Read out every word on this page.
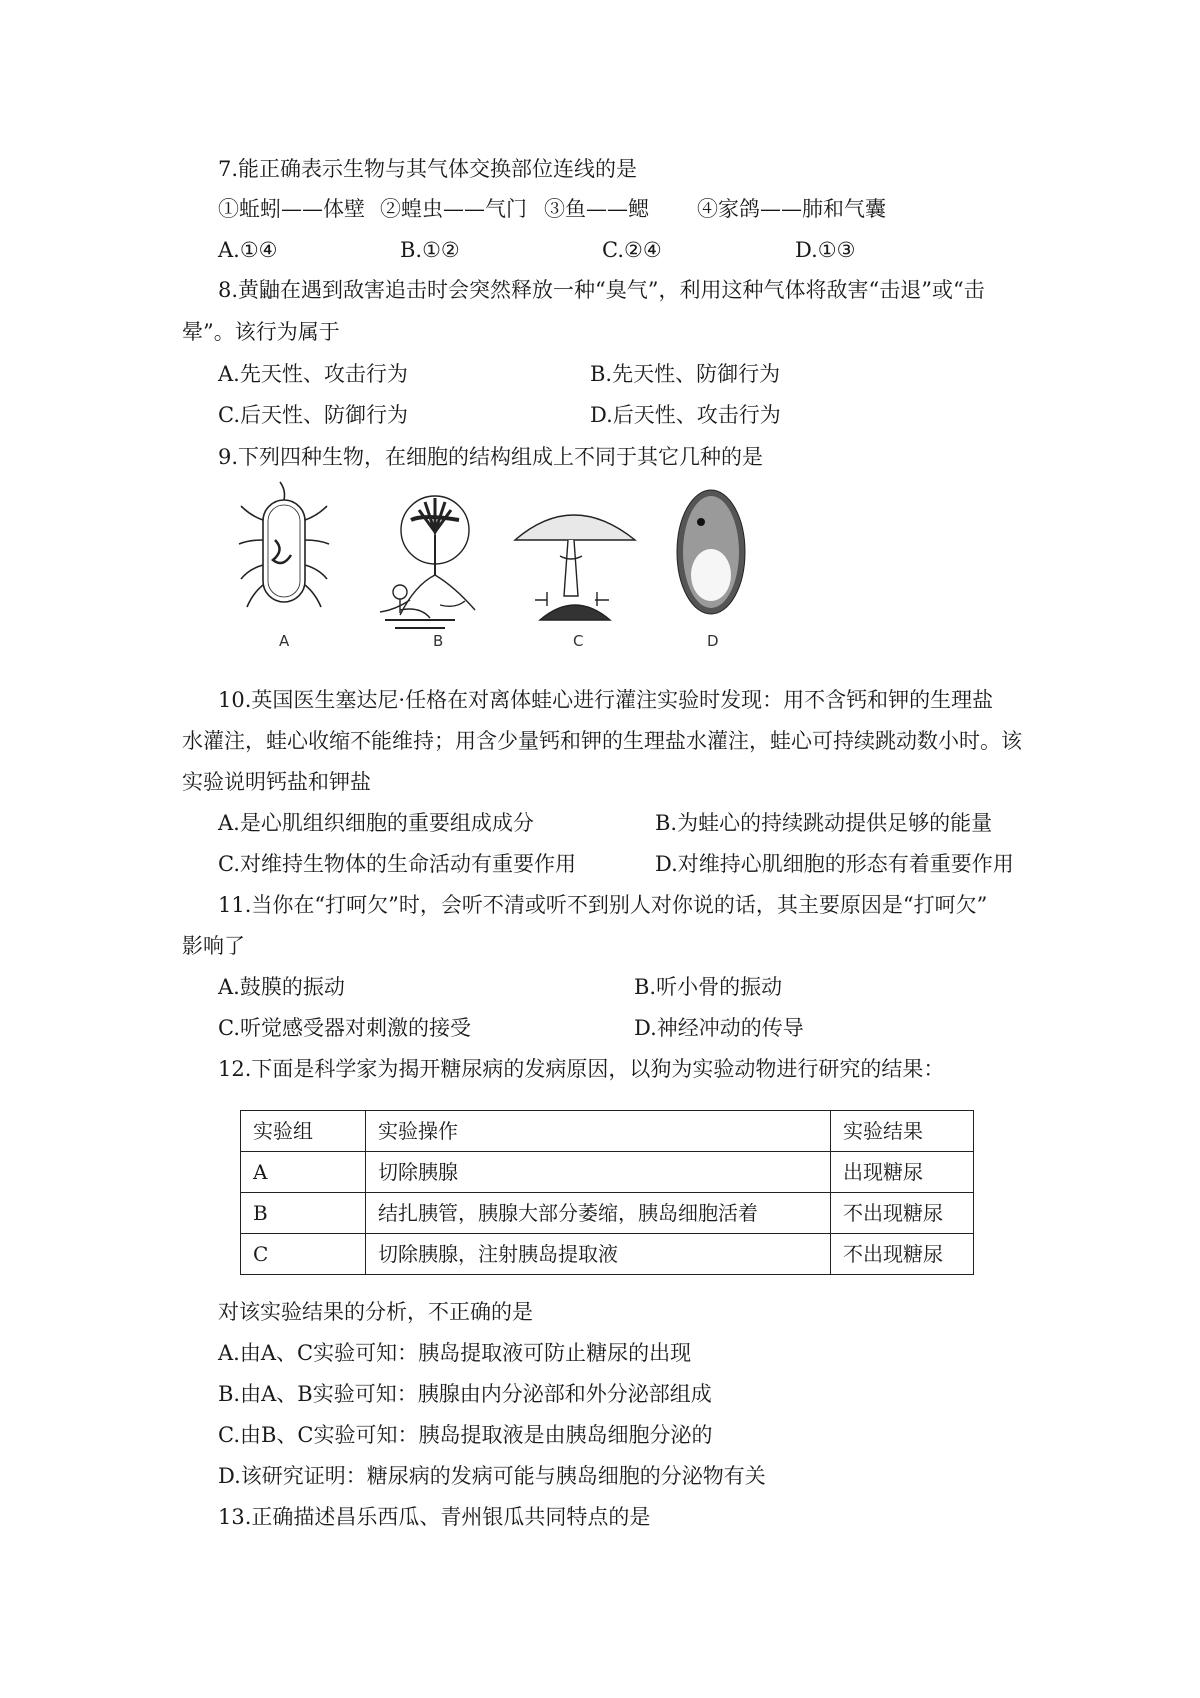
7.能正确表示生物与其气体交换部位连线的是
①蚯蚓——体壁 ②蝗虫——气门 ③鱼——鳃 ④家鸽——肺和气囊
A.①④	B.①②	C.②④	D.①③
8.黄鼬在遇到敌害追击时会突然释放一种“臭气”，利用这种气体将敌害“击退”或“击
晕”。该行为属于
A.先天性、攻击行为	B.先天性、防御行为
C.后天性、防御行为	D.后天性、攻击行为
9.下列四种生物，在细胞的结构组成上不同于其它几种的是
A	B	C	D
10.英国医生塞达尼·任格在对离体蛙心进行灌注实验时发现：用不含钙和钾的生理盐
水灌注，蛙心收缩不能维持；用含少量钙和钾的生理盐水灌注，蛙心可持续跳动数小时。该
实验说明钙盐和钾盐
A.是心肌组织细胞的重要组成成分	B.为蛙心的持续跳动提供足够的能量
C.对维持生物体的生命活动有重要作用	D.对维持心肌细胞的形态有着重要作用
11.当你在“打呵欠”时，会听不清或听不到别人对你说的话，其主要原因是“打呵欠”
影响了
A.鼓膜的振动	B.听小骨的振动
C.听觉感受器对刺激的接受	D.神经冲动的传导
12.下面是科学家为揭开糖尿病的发病原因，以狗为实验动物进行研究的结果：
实验组	实验操作	实验结果
A	切除胰腺	出现糖尿
B	结扎胰管，胰腺大部分萎缩，胰岛细胞活着	不出现糖尿
C	切除胰腺，注射胰岛提取液	不出现糖尿
对该实验结果的分析，不正确的是
A.由A、C实验可知：胰岛提取液可防止糖尿的出现
B.由A、B实验可知：胰腺由内分泌部和外分泌部组成
C.由B、C实验可知：胰岛提取液是由胰岛细胞分泌的
D.该研究证明：糖尿病的发病可能与胰岛细胞的分泌物有关
13.正确描述昌乐西瓜、青州银瓜共同特点的是
